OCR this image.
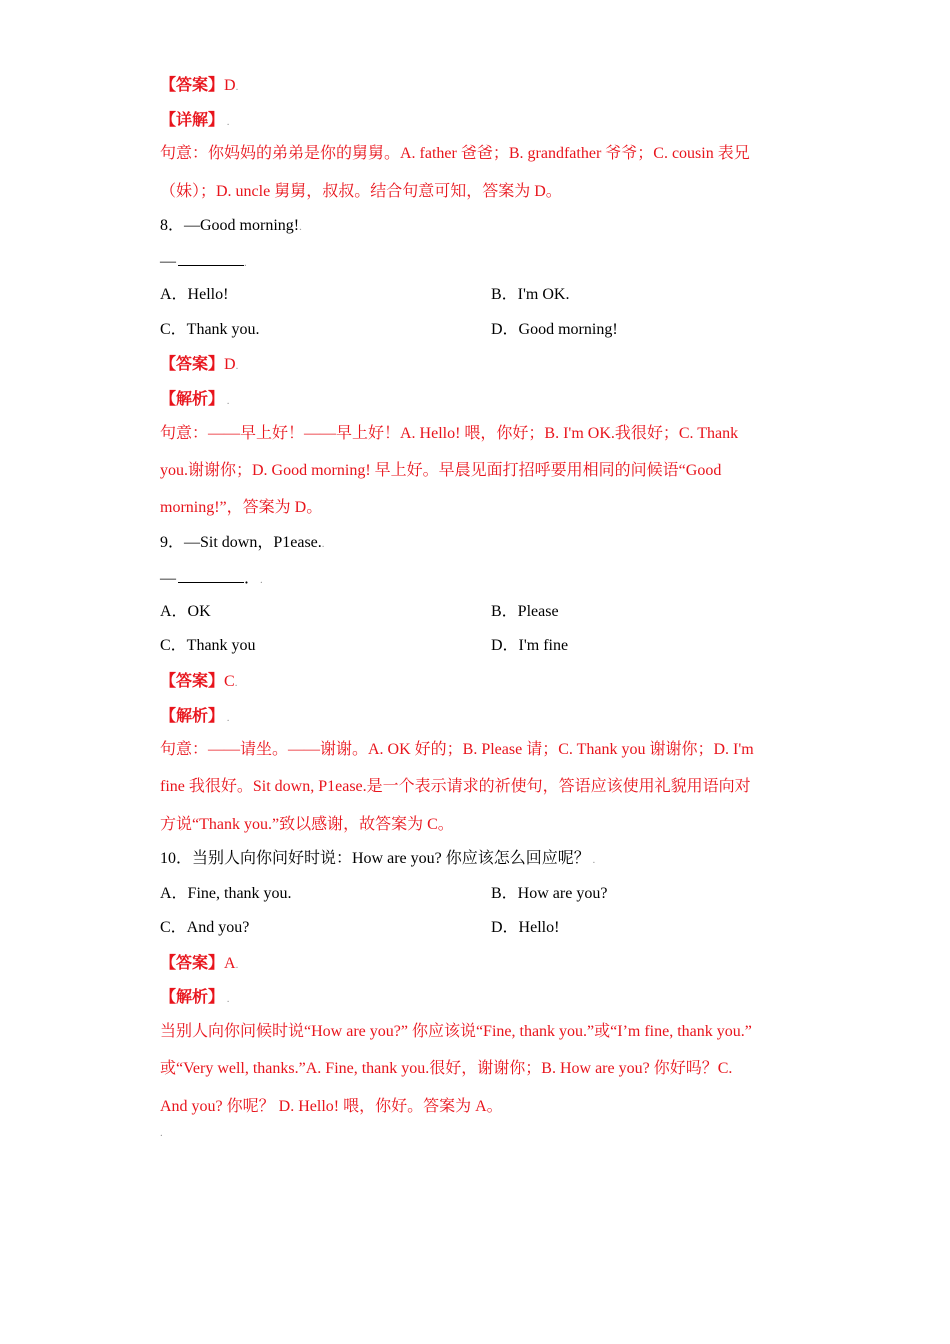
【答案】D.
【详解】 .
句意：你妈妈的弟弟是你的舅舅。A. father 爸爸；B. grandfather 爷爷；C. cousin 表兄
（妹）；D. uncle 舅舅，叔叔。结合句意可知，答案为 D。
8．—Good morning!.
—	.
A．Hello!	B．I'm OK.
C．Thank you.	D．Good morning!
【答案】D.
【解析】 .
句意：——早上好！——早上好！A. Hello! 喂，你好；B. I'm OK.我很好；C. Thank
you.谢谢你；D. Good morning! 早上好。早晨见面打招呼要用相同的问候语“Good
morning!”，答案为 D。
9．—Sit down，P1ease..
—	．.
A．OK	B．Please
C．Thank you	D．I'm fine
【答案】C.
【解析】 .
句意：——请坐。——谢谢。A. OK 好的；B. Please 请；C. Thank you 谢谢你；D. I'm
fine 我很好。Sit down, P1ease.是一个表示请求的祈使句，答语应该使用礼貌用语向对
方说“Thank you.”致以感谢，故答案为 C。
10．当别人向你问好时说：How are you? 你应该怎么回应呢？ .
A．Fine, thank you.	B．How are you?
C．And you?	D．Hello!
【答案】A.
【解析】 .
当别人向你问候时说“How are you?” 你应该说“Fine, thank you.”或“I’m fine, thank you.”
或“Very well, thanks.”A. Fine, thank you.很好，谢谢你；B. How are you? 你好吗？C.
And you? 你呢？ D. Hello! 喂，你好。答案为 A。
.
